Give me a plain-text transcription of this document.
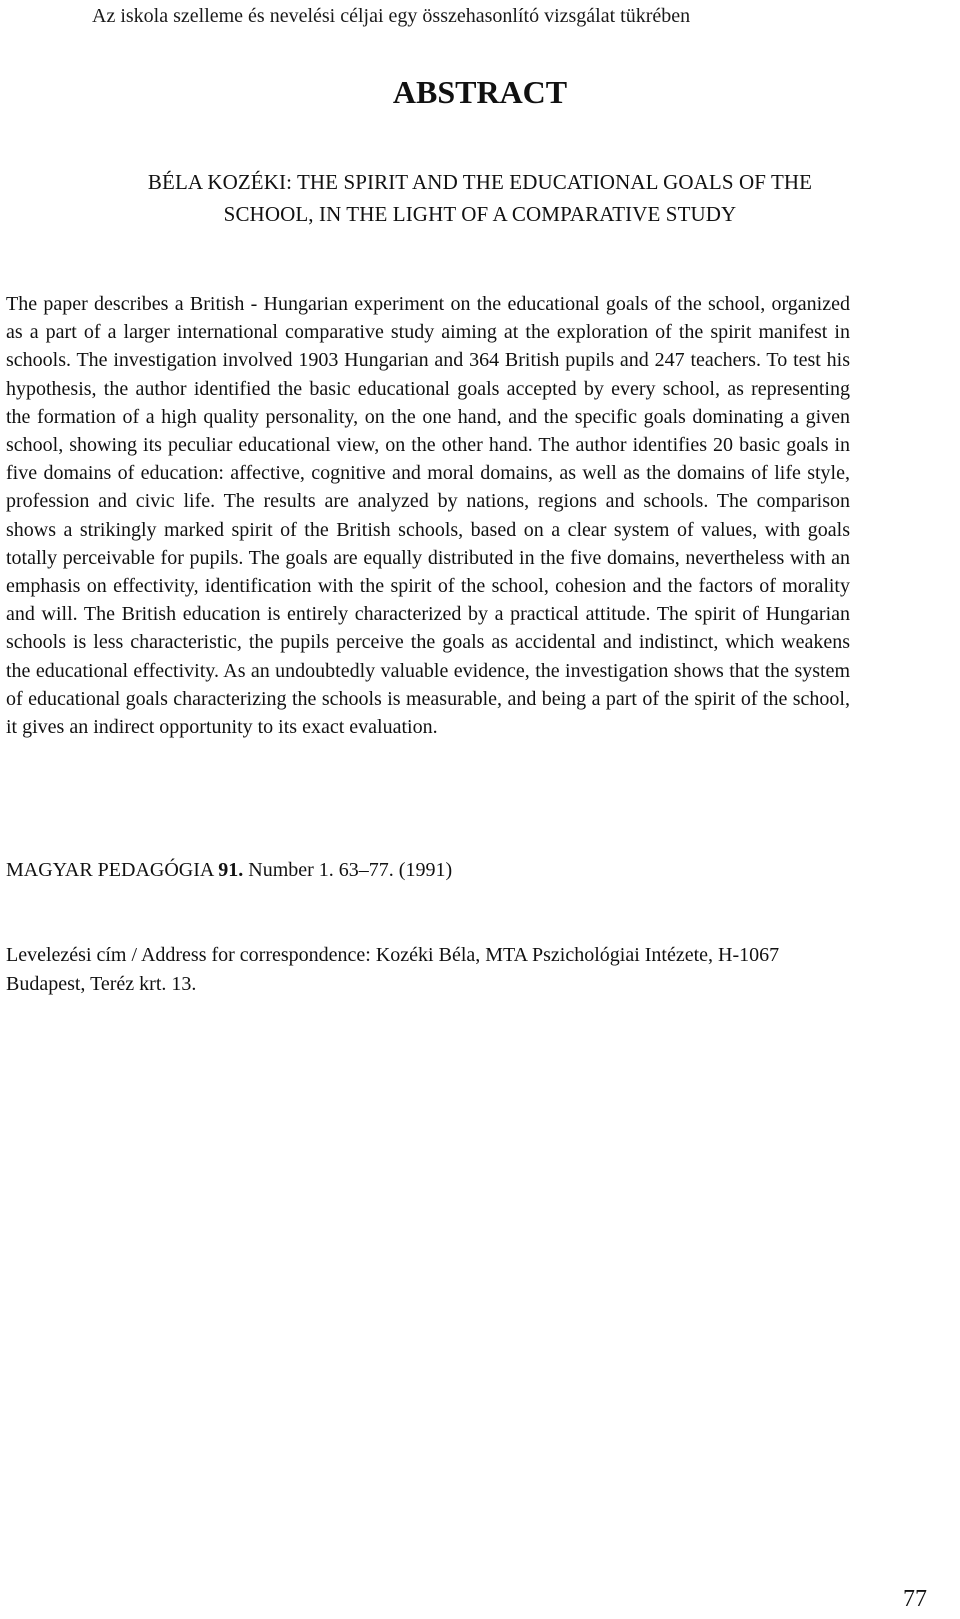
Az iskola szelleme és nevelési céljai egy összehasonlító vizsgálat tükrében
ABSTRACT
BÉLA KOZÉKI: THE SPIRIT AND THE EDUCATIONAL GOALS OF THE
SCHOOL, IN THE LIGHT OF A COMPARATIVE STUDY

The paper describes a British - Hungarian experiment on the educational goals of the school, organized as a part of a larger international comparative study aiming at the exploration of the spirit manifest in schools. The investigation involved 1903 Hungarian and 364 British pupils and 247 teachers. To test his hypothesis, the author identified the basic educational goals accepted by every school, as representing the formation of a high quality personality, on the one hand, and the specific goals dominating a given school, showing its peculiar educational view, on the other hand. The author identifies 20 basic goals in five domains of education: affective, cognitive and moral domains, as well as the domains of life style, profession and civic life. The results are analyzed by nations, regions and schools. The comparison shows a strikingly marked spirit of the British schools, based on a clear system of values, with goals totally perceivable for pupils. The goals are equally distributed in the five domains, nevertheless with an emphasis on effectivity, identification with the spirit of the school, cohesion and the factors of morality and will. The British education is entirely characterized by a practical attitude. The spirit of Hungarian schools is less characteristic, the pupils perceive the goals as accidental and indistinct, which weakens the educational effectivity. As an undoubtedly valuable evidence, the investigation shows that the system of educational goals characterizing the schools is measurable, and being a part of the spirit of the school, it gives an indirect opportunity to its exact evaluation.

MAGYAR PEDAGÓGIA 91. Number 1. 63–77. (1991)

Levelezési cím / Address for correspondence: Kozéki Béla, MTA Pszichológiai Intézete, H-1067 Budapest, Teréz krt. 13.

77
